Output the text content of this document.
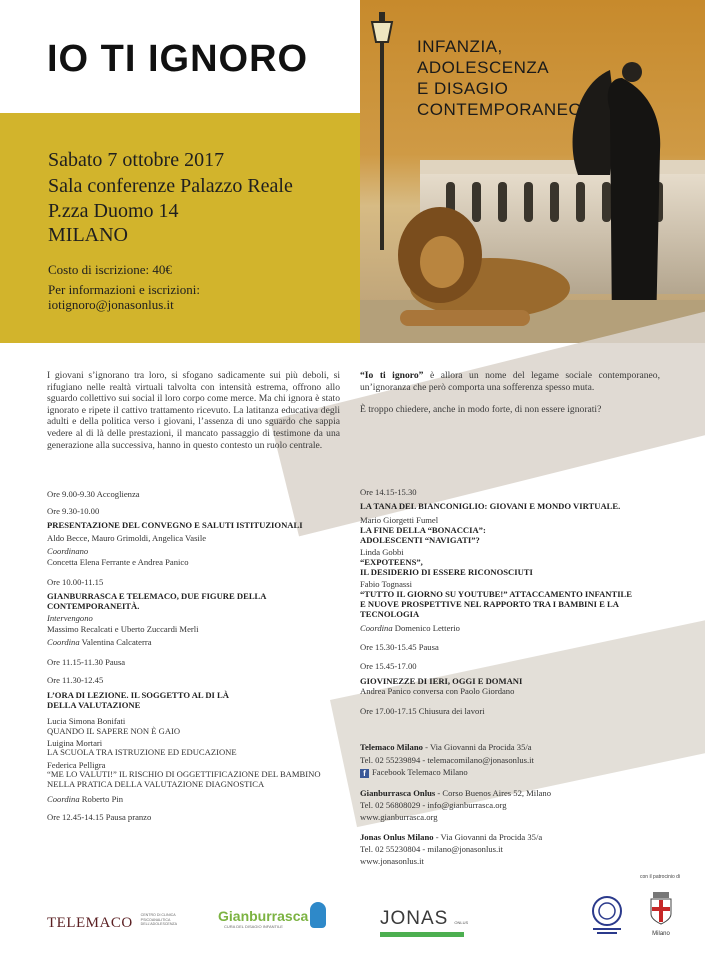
IO TI IGNORO	INFANZIA,
ADOLESCENZA
E DISAGIO
CONTEMPORANEO
Sabato 7 ottobre 2017
Sala conferenze Palazzo Reale
P.zza Duomo 14
MILANO
Costo di iscrizione: 40€
Per informazioni e iscrizioni:
iotignoro@jonasonlus.it
I giovani s’ignorano tra loro, si sfogano sadicamente sui più deboli, si rifugiano nelle realtà virtuali talvolta con intensità estrema, offrono allo sguardo collettivo sui social il loro corpo come merce. Ma chi ignora è stato ignorato e ripete il cattivo trattamento ricevuto. La latitanza educativa degli adulti e della politica verso i giovani, l’assenza di uno sguardo che sappia vedere al di là delle prestazioni, il mancato passaggio di testimone da una generazione alla successiva, hanno in questo contesto un ruolo centrale.
“Io ti ignoro” è allora un nome del legame sociale contemporaneo, un’ignoranza che però comporta una sofferenza spesso muta.
È troppo chiedere, anche in modo forte, di non essere ignorati?
Ore 9.00-9.30 Accoglienza
Ore 9.30-10.00
PRESENTAZIONE DEL CONVEGNO E SALUTI ISTITUZIONALI
Aldo Becce, Mauro Grimoldi, Angelica Vasile
Coordinano
Concetta Elena Ferrante e Andrea Panico
Ore 10.00-11.15
GIANBURRASCA E TELEMACO, DUE FIGURE DELLA
CONTEMPORANEITÀ.
Intervengono
Massimo Recalcati e Uberto Zuccardi Merli
Coordina Valentina Calcaterra
Ore 11.15-11.30 Pausa
Ore 11.30-12.45
L’ORA DI LEZIONE. IL SOGGETTO AL DI LÀ
DELLA VALUTAZIONE
Lucia Simona Bonifati
QUANDO IL SAPERE NON È GAIO
Luigina Mortari
LA SCUOLA TRA ISTRUZIONE ED EDUCAZIONE
Federica Pelligra
“ME LO VALUTI!” IL RISCHIO DI OGGETTIFICAZIONE DEL BAMBINO
NELLA PRATICA DELLA VALUTAZIONE DIAGNOSTICA
Coordina Roberto Pin
Ore 12.45-14.15 Pausa pranzo
Ore 14.15-15.30
LA TANA DEL BIANCONIGLIO: GIOVANI E MONDO VIRTUALE.
Mario Giorgetti Fumel
LA FINE DELLA “BONACCIA”:
ADOLESCENTI “NAVIGATI”?
Linda Gobbi
“EXPOTEENS”,
IL DESIDERIO DI ESSERE RICONOSCIUTI
Fabio Tognassi
“TUTTO IL GIORNO SU YOUTUBE!” ATTACCAMENTO INFANTILE
E NUOVE PROSPETTIVE NEL RAPPORTO TRA I BAMBINI E LA
TECNOLOGIA
Coordina Domenico Letterio
Ore 15.30-15.45 Pausa
Ore 15.45-17.00
GIOVINEZZE DI IERI, OGGI E DOMANI
Andrea Panico conversa con Paolo Giordano
Ore 17.00-17.15 Chiusura dei lavori
Telemaco Milano - Via Giovanni da Procida 35/a
Tel. 02 55239894 - telemacomilano@jonasonlus.it
f Facebook Telemaco Milano
Gianburrasca Onlus - Corso Buenos Aires 52, Milano
Tel. 02 56808029 - info@gianburrasca.org
www.gianburrasca.org
Jonas Onlus Milano - Via Giovanni da Procida 35/a
Tel. 02 55230804 - milano@jonasonlus.it
www.jonasonlus.it
con il patrocinio di
TELEMACO CENTRO DI CLINICA PSICOANALITICA DELL’ADOLESCENZA	Gianburrasca
CURA DEL DISAGIO INFANTILE	JONAS ONLUS
Milano
